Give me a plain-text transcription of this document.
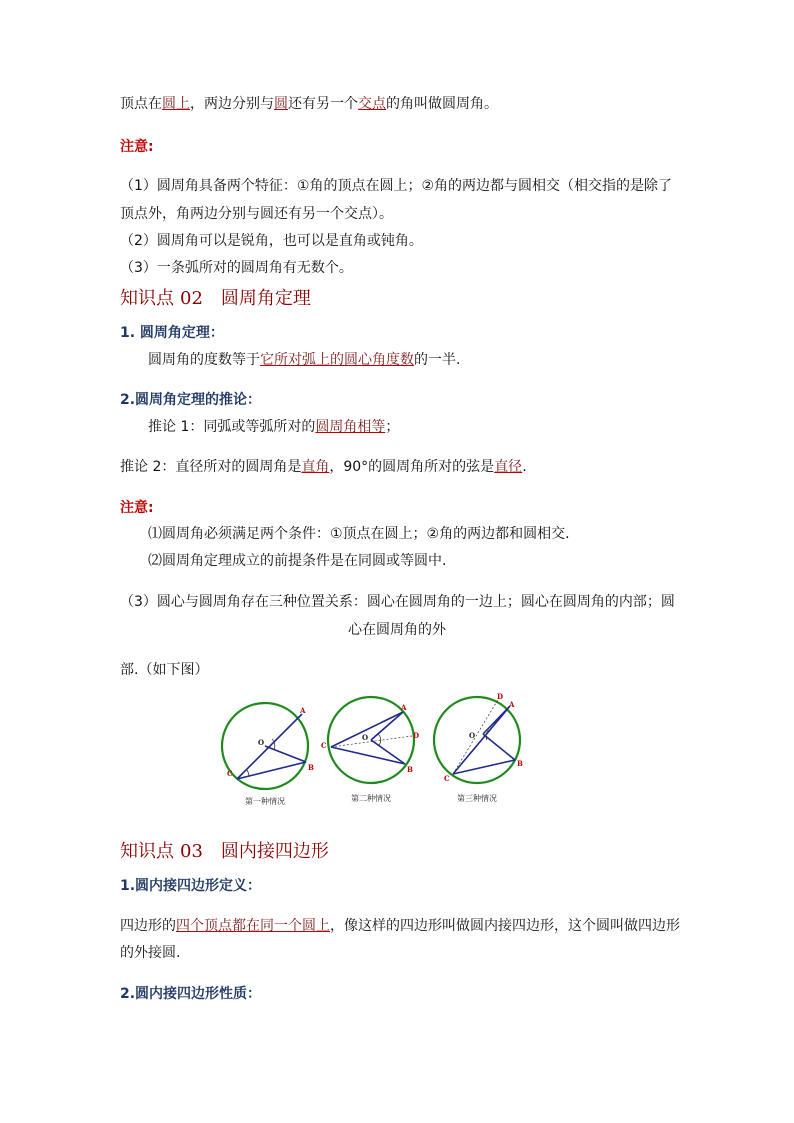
顶点在圆上，两边分别与圆还有另一个交点的角叫做圆周角。
注意:
（1）圆周角具备两个特征：①角的顶点在圆上；②角的两边都与圆相交（相交指的是除了
顶点外，角两边分别与圆还有另一个交点）。
（2）圆周角可以是锐角，也可以是直角或钝角。
（3）一条弧所对的圆周角有无数个。
知识点 02 圆周角定理
1. 圆周角定理：
圆周角的度数等于它所对弧上的圆心角度数的一半.
2.圆周角定理的推论：
推论 1：同弧或等弧所对的圆周角相等；
推论 2：直径所对的圆周角是直角，90°的圆周角所对的弦是直径.
注意:
⑴圆周角必须满足两个条件：①顶点在圆上；②角的两边都和圆相交.
⑵圆周角定理成立的前提条件是在同圆或等圆中.
（3）圆心与圆周角存在三种位置关系：圆心在圆周角的一边上；圆心在圆周角的内部；圆
心在圆周角的外
部.（如下图）
A
B
C
O
第一种情况
A
B
C
D
O
第二种情况
D
A
B
C
O
第三种情况
知识点 03 圆内接四边形
1.圆内接四边形定义：
四边形的四个顶点都在同一个圆上，像这样的四边形叫做圆内接四边形，这个圆叫做四边形
的外接圆.
2.圆内接四边形性质：
